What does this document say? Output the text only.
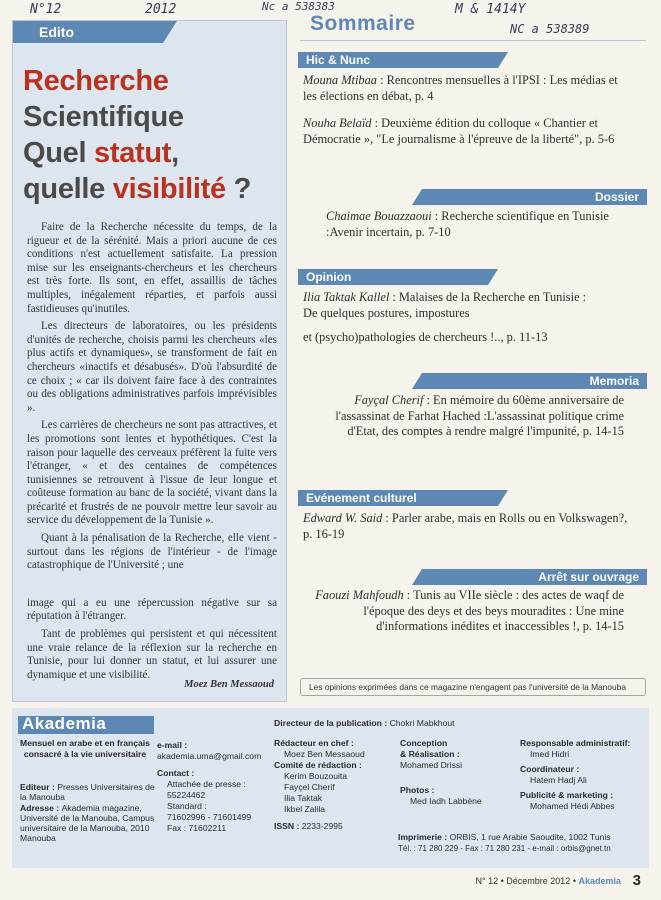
N°12	2012	Nc a 538383	M & 1414Y
NC a 538389
Edito
Recherche
Scientifique
Quel statut,
quelle visibilité ?

Faire de la Recherche nécessite du temps, de la rigueur et de la sérénité. Mais a priori aucune de ces conditions n'est actuellement satisfaite. La pression mise sur les enseignants-chercheurs et les chercheurs est très forte. Ils sont, en effet, assaillis de tâches multiples, inégalement réparties, et parfois aussi fastidieuses qu'inutiles.

Les directeurs de laboratoires, ou les présidents d'unités de recherche, choisis parmi les chercheurs «les plus actifs et dynamiques», se transforment de fait en chercheurs «inactifs et désabusés». D'où l'absurdité de ce choix ; « car ils doivent faire face à des contraintes ou des obligations administratives parfois imprévisibles ».

Les carrières de chercheurs ne sont pas attractives, et les promotions sont lentes et hypothétiques. C'est la raison pour laquelle des cerveaux préfèrent la fuite vers l'étranger, « et des centaines de compétences tunisiennes se retrouvent à l'issue de leur longue et coûteuse formation au banc de la société, vivant dans la précarité et frustrés de ne pouvoir mettre leur savoir au service du développement de la Tunisie ».

Quant à la pénalisation de la Recherche, elle vient - surtout dans les régions de l'intérieur - de l'image catastrophique de l'Université ; une

image qui a eu une répercussion négative sur sa réputation à l'étranger.

Tant de problèmes qui persistent et qui nécessitent une vraie relance de la réflexion sur la recherche en Tunisie, pour lui donner un statut, et lui assurer une dynamique et une visibilité.

Moez Ben Messaoud
Sommaire
Hic & Nunc
Mouna Mtibaa : Rencontres mensuelles à l'IPSI : Les médias et les élections en débat, p. 4
Nouha Belaïd : Deuxième édition du colloque « Chantier et Démocratie », "Le journalisme à l'épreuve de la liberté", p. 5-6
Dossier
Chaimae Bouazzaoui : Recherche scientifique en Tunisie :Avenir incertain, p. 7-10
Opinion
Ilia Taktak Kallel : Malaises de la Recherche en Tunisie : De quelques postures, impostures
et (psycho)pathologies de chercheurs !.., p. 11-13
Memoria
Fayçal Cherif : En mémoire du 60ème anniversaire de l'assassinat de Farhat Hached :L'assassinat politique crime d'Etat, des comptes à rendre malgré l'impunité, p. 14-15
Evénement culturel
Edward W. Said : Parler arabe, mais en Rolls ou en Volkswagen?, p. 16-19
Arrêt sur ouvrage
Faouzi Mahfoudh : Tunis au VIIe siècle : des actes de waqf de l'époque des deys et des beys mouradites : Une mine d'informations inédites et inaccessibles !, p. 14-15
Les opinions exprimées dans ce magazine n'engagent pas l'université de la Manouba
Akademia
Mensuel en arabe et en français consacré à la vie universitaire
Editeur : Presses Universitaires de la Manouba
Adresse : Akademia magazine, Université de la Manouba, Campus universitaire de la Manouba, 2010 Manouba
e-mail :
akademia.uma@gmail.com
Contact :

Attachée de presse :
55224462
Standard :
71602996 - 71601499
Fax : 71602211
Directeur de la publication : Chokri Mabkhout
Rédacteur en chef :
Moez Ben Messaoud
Comité de rédaction :
Kerim Bouzouita
Fayçel Cherif
Ilia Taktak
Ikbel Zalila
ISSN : 2233-2995
Conception
& Réalisation :
Mohamed Drissi
Photos :
Med Iadh Labbène
Responsable administratif:
Imed Hidri
Coordinateur :
Hatem Hadj Ali
Publicité & marketing :
Mohamed Hédi Abbes
Imprimerie : ORBIS, 1 rue Arabie Saoudite, 1002 Tunis
Tél. : 71 280 229 - Fax : 71 280 231 - e-mail : orbis@gnet.tn
N° 12 • Décembre 2012 • Akademia 3
